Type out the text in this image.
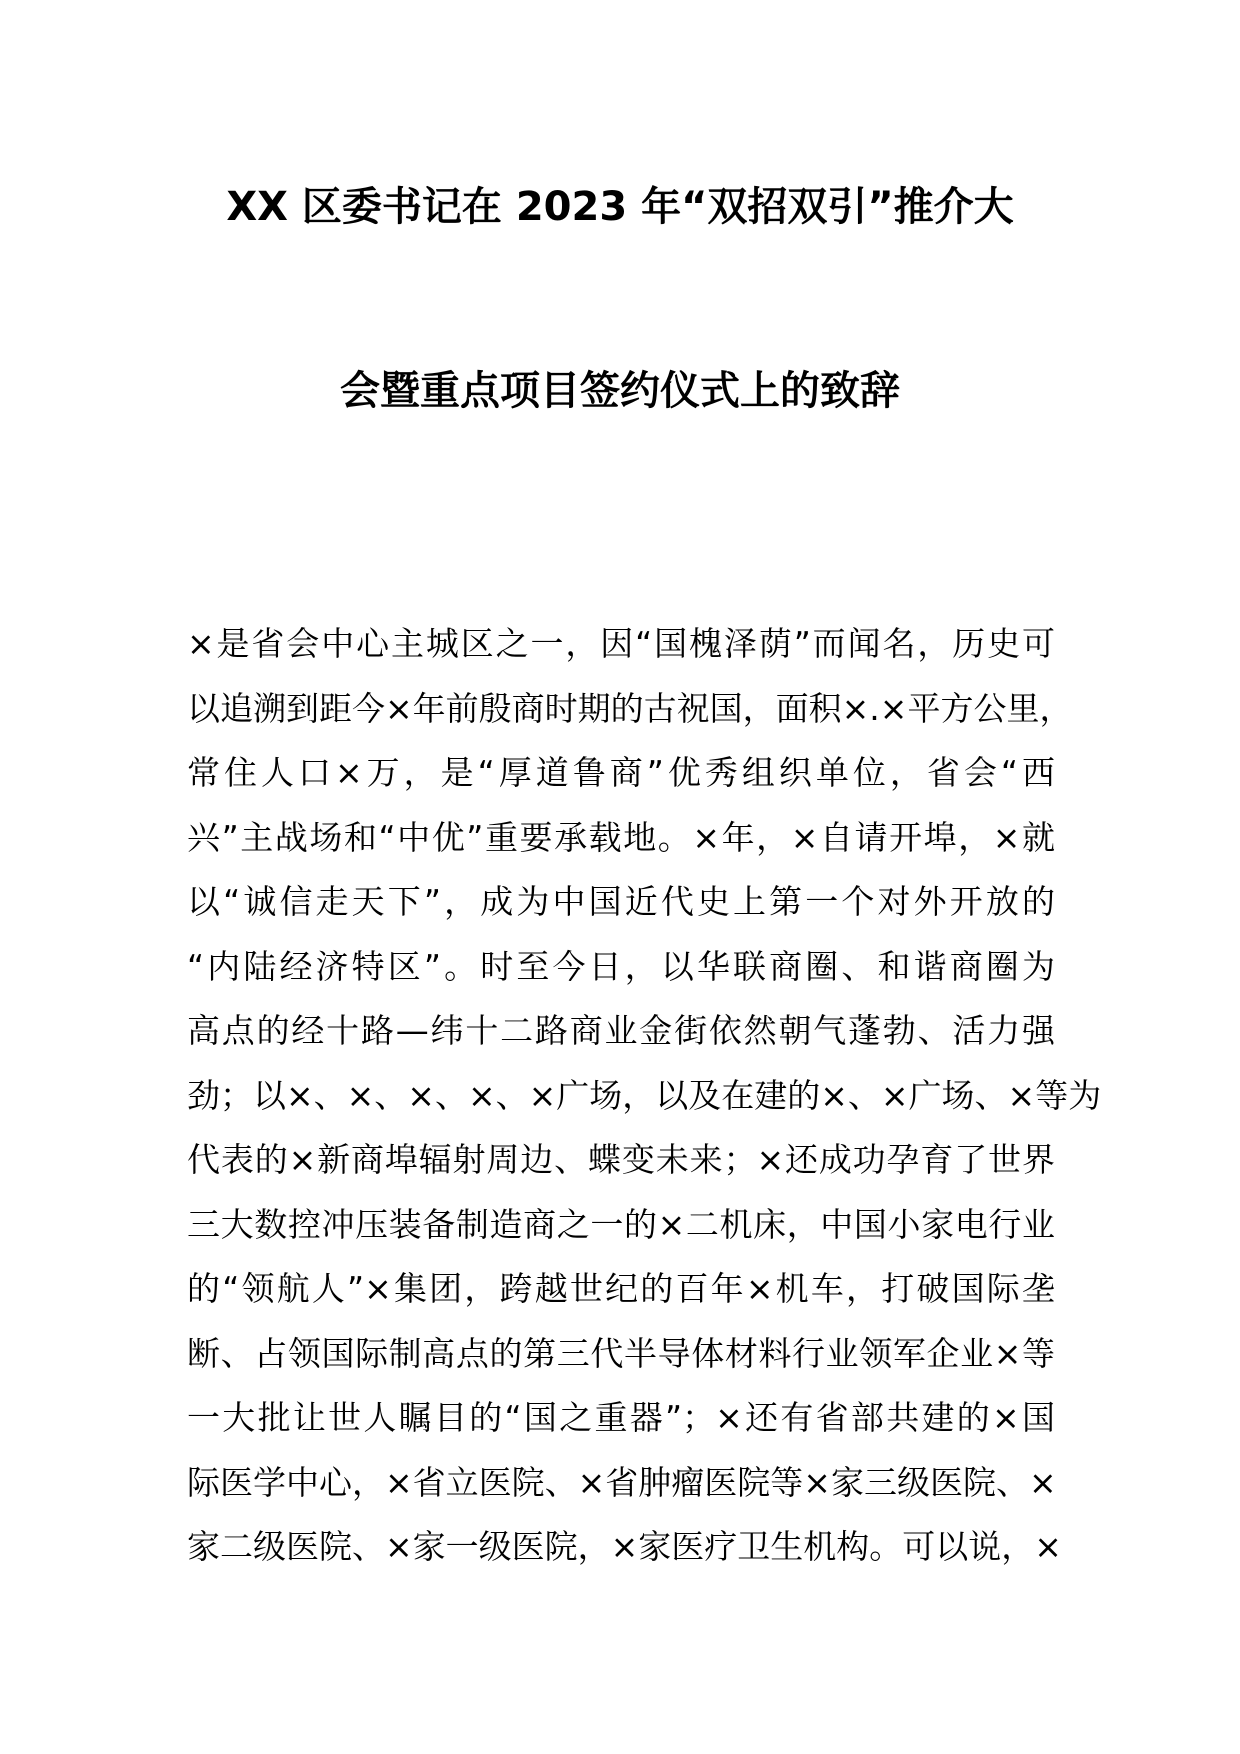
XX 区委书记在 2023 年“双招双引”推介大
会暨重点项目签约仪式上的致辞
×是省会中心主城区之一，因“国槐泽荫”而闻名，历史可
以追溯到距今×年前殷商时期的古祝国，面积×.×平方公里，
常住人口×万，是“厚道鲁商”优秀组织单位，省会“西
兴”主战场和“中优”重要承载地。×年，×自请开埠，×就
以“诚信走天下”，成为中国近代史上第一个对外开放的
“内陆经济特区”。时至今日，以华联商圈、和谐商圈为
高点的经十路—纬十二路商业金街依然朝气蓬勃、活力强
劲；以×、×、×、×、×广场，以及在建的×、×广场、×等为
代表的×新商埠辐射周边、蝶变未来；×还成功孕育了世界
三大数控冲压装备制造商之一的×二机床，中国小家电行业
的“领航人”×集团，跨越世纪的百年×机车，打破国际垄
断、占领国际制高点的第三代半导体材料行业领军企业×等
一大批让世人瞩目的“国之重器”；×还有省部共建的×国
际医学中心，×省立医院、×省肿瘤医院等×家三级医院、×
家二级医院、×家一级医院，×家医疗卫生机构。可以说，×
